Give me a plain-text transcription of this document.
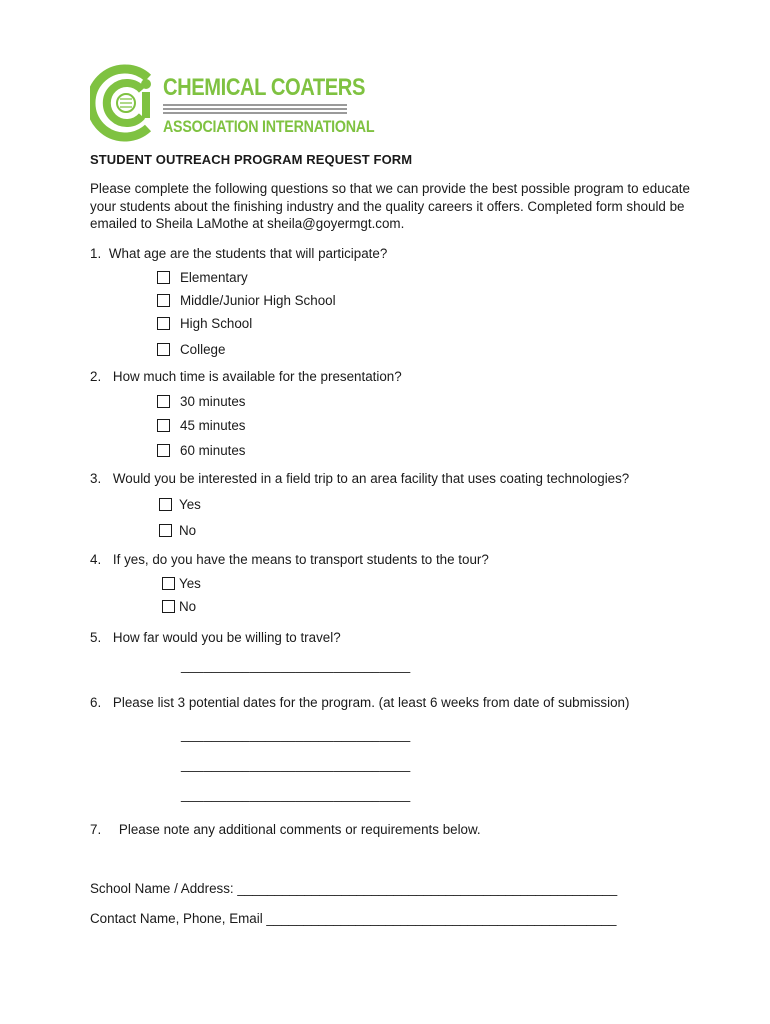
CHEMICAL COATERS
ASSOCIATION INTERNATIONAL
STUDENT OUTREACH PROGRAM REQUEST FORM
Please complete the following questions so that we can provide the best possible program to educate your students about the finishing industry and the quality careers it offers. Completed form should be emailed to Sheila LaMothe at sheila@goyermgt.com.
1. What age are the students that will participate?
Elementary
Middle/Junior High School
High School
College
2. How much time is available for the presentation?
30 minutes
45 minutes
60 minutes
3. Would you be interested in a field trip to an area facility that uses coating technologies?
Yes
No
4. If yes, do you have the means to transport students to the tour?
Yes
No
5. How far would you be willing to travel?
______________________________
6. Please list 3 potential dates for the program. (at least 6 weeks from date of submission)
______________________________
______________________________
______________________________
7. Please note any additional comments or requirements below.
School Name / Address: ___________________________________________________
Contact Name, Phone, Email _______________________________________________
